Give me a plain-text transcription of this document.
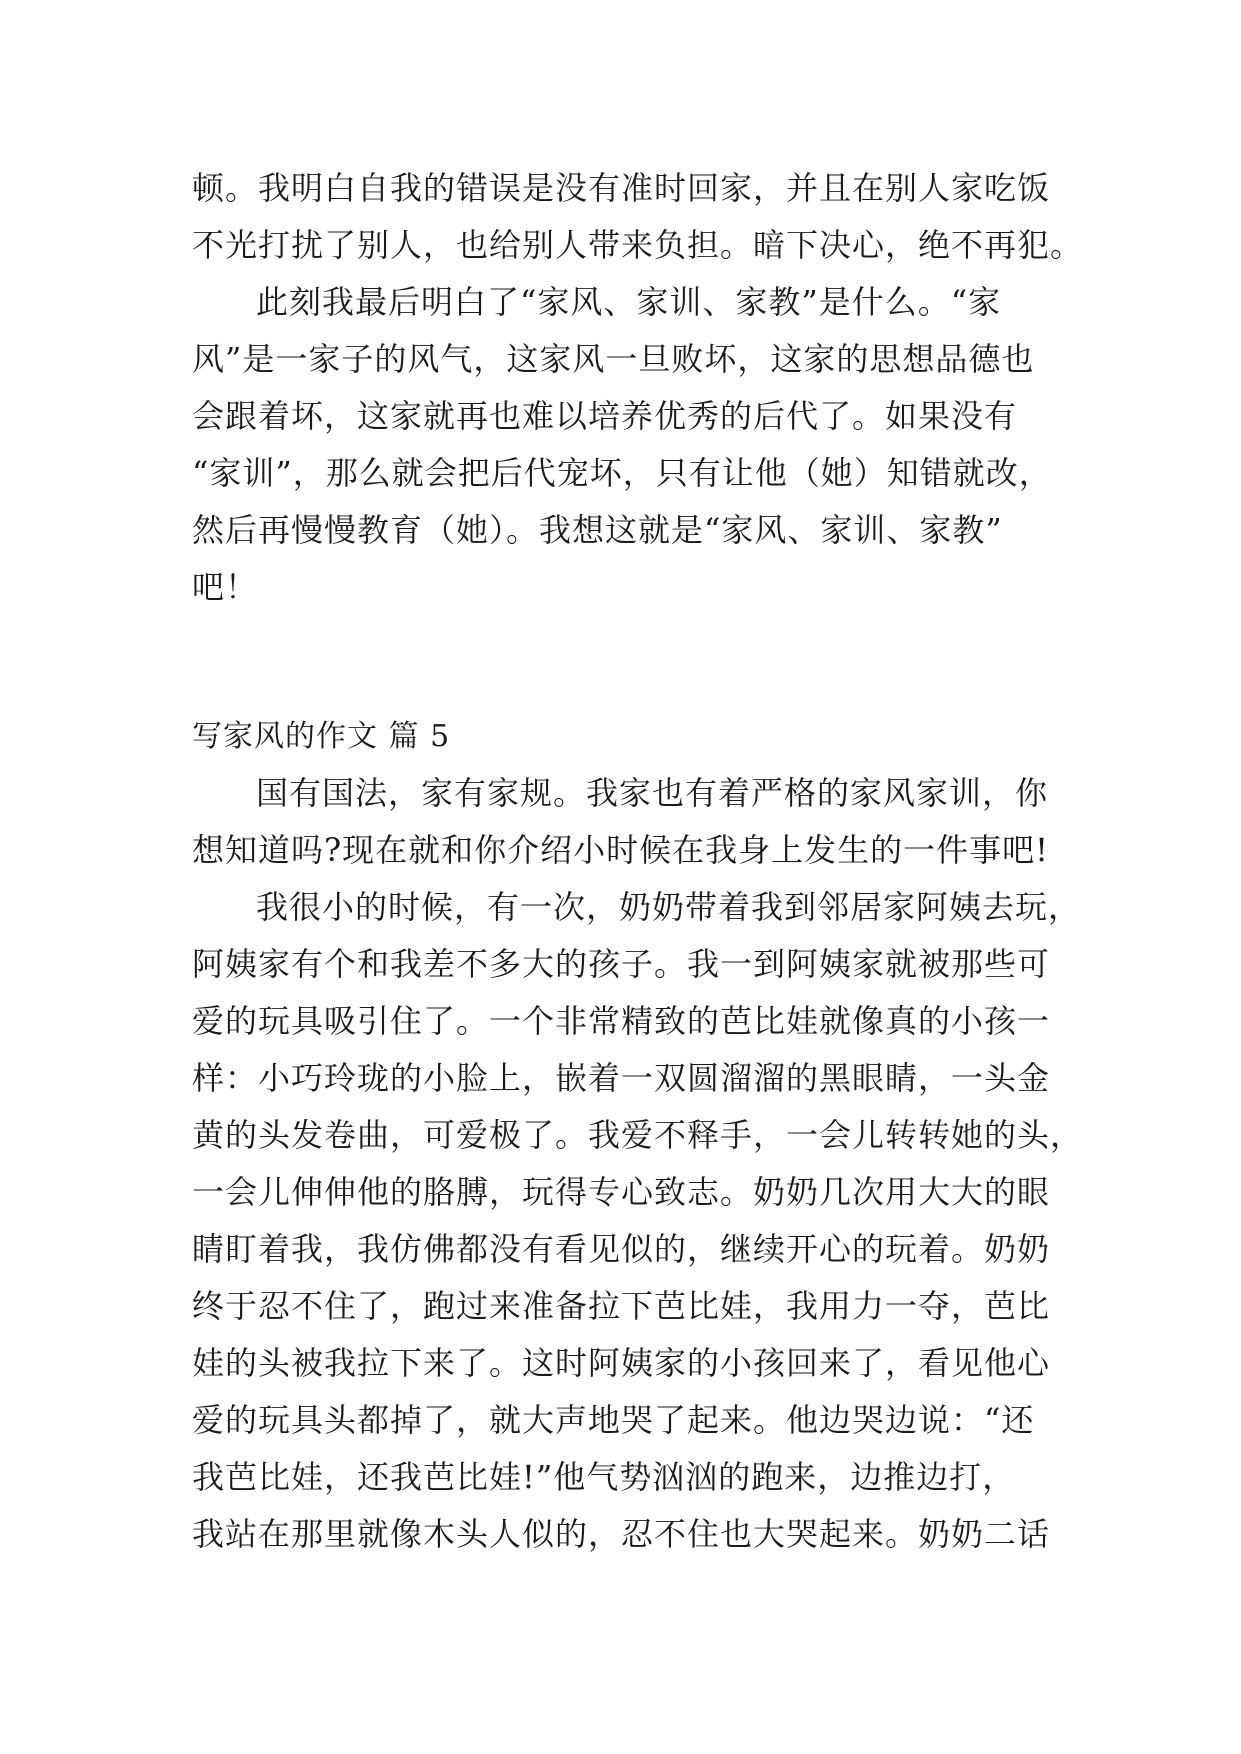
顿。我明白自我的错误是没有准时回家，并且在别人家吃饭
不光打扰了别人，也给别人带来负担。暗下决心，绝不再犯。
此刻我最后明白了“家风、家训、家教”是什么。“家
风”是一家子的风气，这家风一旦败坏，这家的思想品德也
会跟着坏，这家就再也难以培养优秀的后代了。如果没有
“家训”，那么就会把后代宠坏，只有让他（她）知错就改，
然后再慢慢教育（她）。我想这就是“家风、家训、家教”
吧！
写家风的作文 篇 5
国有国法，家有家规。我家也有着严格的家风家训，你
想知道吗?现在就和你介绍小时候在我身上发生的一件事吧!
我很小的时候，有一次，奶奶带着我到邻居家阿姨去玩，
阿姨家有个和我差不多大的孩子。我一到阿姨家就被那些可
爱的玩具吸引住了。一个非常精致的芭比娃就像真的小孩一
样：小巧玲珑的小脸上，嵌着一双圆溜溜的黑眼睛，一头金
黄的头发卷曲，可爱极了。我爱不释手，一会儿转转她的头，
一会儿伸伸他的胳膊，玩得专心致志。奶奶几次用大大的眼
睛盯着我，我仿佛都没有看见似的，继续开心的玩着。奶奶
终于忍不住了，跑过来准备拉下芭比娃，我用力一夺，芭比
娃的头被我拉下来了。这时阿姨家的小孩回来了，看见他心
爱的玩具头都掉了，就大声地哭了起来。他边哭边说：“还
我芭比娃，还我芭比娃!”他气势汹汹的跑来，边推边打，
我站在那里就像木头人似的，忍不住也大哭起来。奶奶二话
